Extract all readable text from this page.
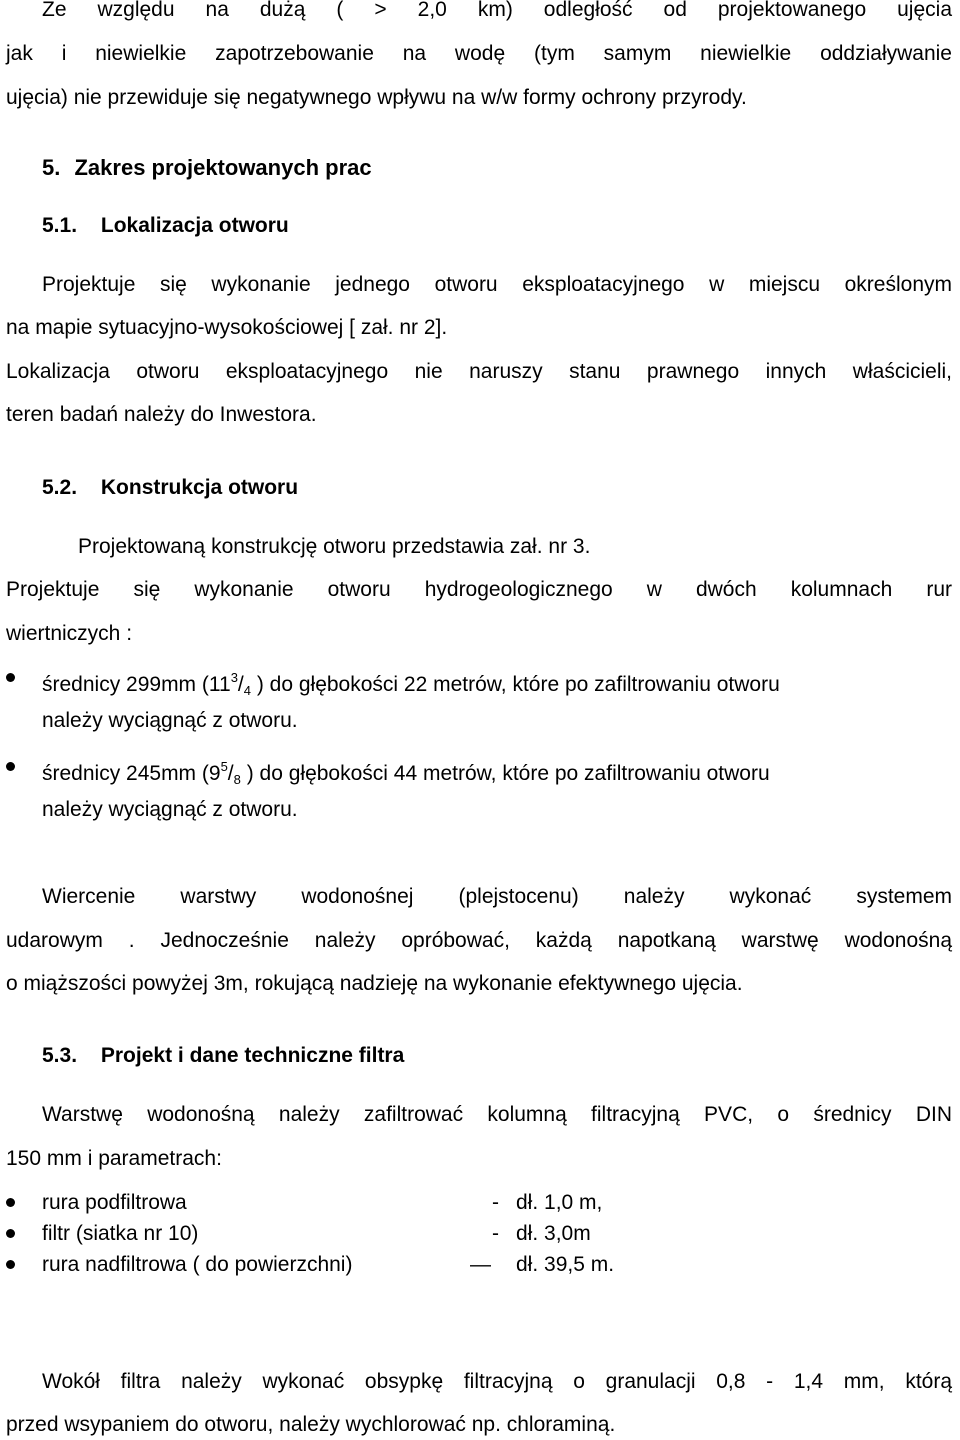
Ze względu na dużą ( > 2,0 km) odległość od projektowanego ujęcia
jak i niewielkie zapotrzebowanie na wodę (tym samym niewielkie oddziaływanie
ujęcia) nie przewiduje się negatywnego wpływu na w/w formy ochrony przyrody.
5. Zakres projektowanych prac
5.1. Lokalizacja otworu
Projektuje się wykonanie jednego otworu eksploatacyjnego w miejscu określonym
na mapie sytuacyjno-wysokościowej [ zał. nr 2].
Lokalizacja otworu eksploatacyjnego nie naruszy stanu prawnego innych właścicieli,
teren badań należy do Inwestora.
5.2. Konstrukcja otworu
Projektowaną konstrukcję otworu przedstawia zał. nr 3.
Projektuje się wykonanie otworu hydrogeologicznego w dwóch kolumnach rur
wiertniczych :
średnicy 299mm ($11^3/_4$ ) do głębokości 22 metrów, które po zafiltrowaniu otworu
należy wyciągnąć z otworu.
średnicy 245mm ($9^5/_8$ ) do głębokości 44 metrów, które po zafiltrowaniu otworu
należy wyciągnąć z otworu.
Wiercenie warstwy wodonośnej (plejstocenu) należy wykonać systemem
udarowym . Jednocześnie należy opróbować, każdą napotkaną warstwę wodonośną
o miąższości powyżej 3m, rokującą nadzieję na wykonanie efektywnego ujęcia.
5.3. Projekt i dane techniczne filtra
Warstwę wodonośną należy zafiltrować kolumną filtracyjną PVC, o średnicy DIN
150 mm i parametrach:
rura podfiltrowa	- dł. 1,0 m,
filtr (siatka nr 10)	- dł. 3,0m
rura nadfiltrowa ( do powierzchni)	— dł. 39,5 m.
Wokół filtra należy wykonać obsypkę filtracyjną o granulacji 0,8 - 1,4 mm, którą
przed wsypaniem do otworu, należy wychlorować np. chloraminą.
